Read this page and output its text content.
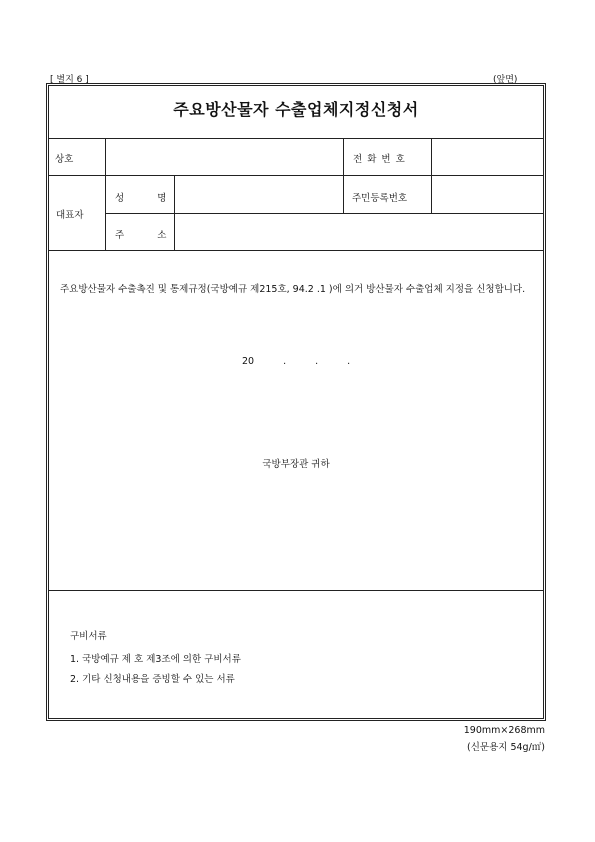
[ 별지 6 ]	(앞면)
주요방산물자 수출업체지정신청서
상호	전 화 번 호
대표자
성 명	주민등록번호
주 소
주요방산물자 수출촉진 및 통제규정(국방예규 제215호, 94.2 .1 )에 의거 방산물자 수출업체 지정을 신청합니다.
20 . . .
국방부장관 귀하
구비서류
1. 국방예규 제 호 제3조에 의한 구비서류
2. 기타 신청내용을 증빙할 수 있는 서류
190mm×268mm
(신문용지 54g/㎡)
